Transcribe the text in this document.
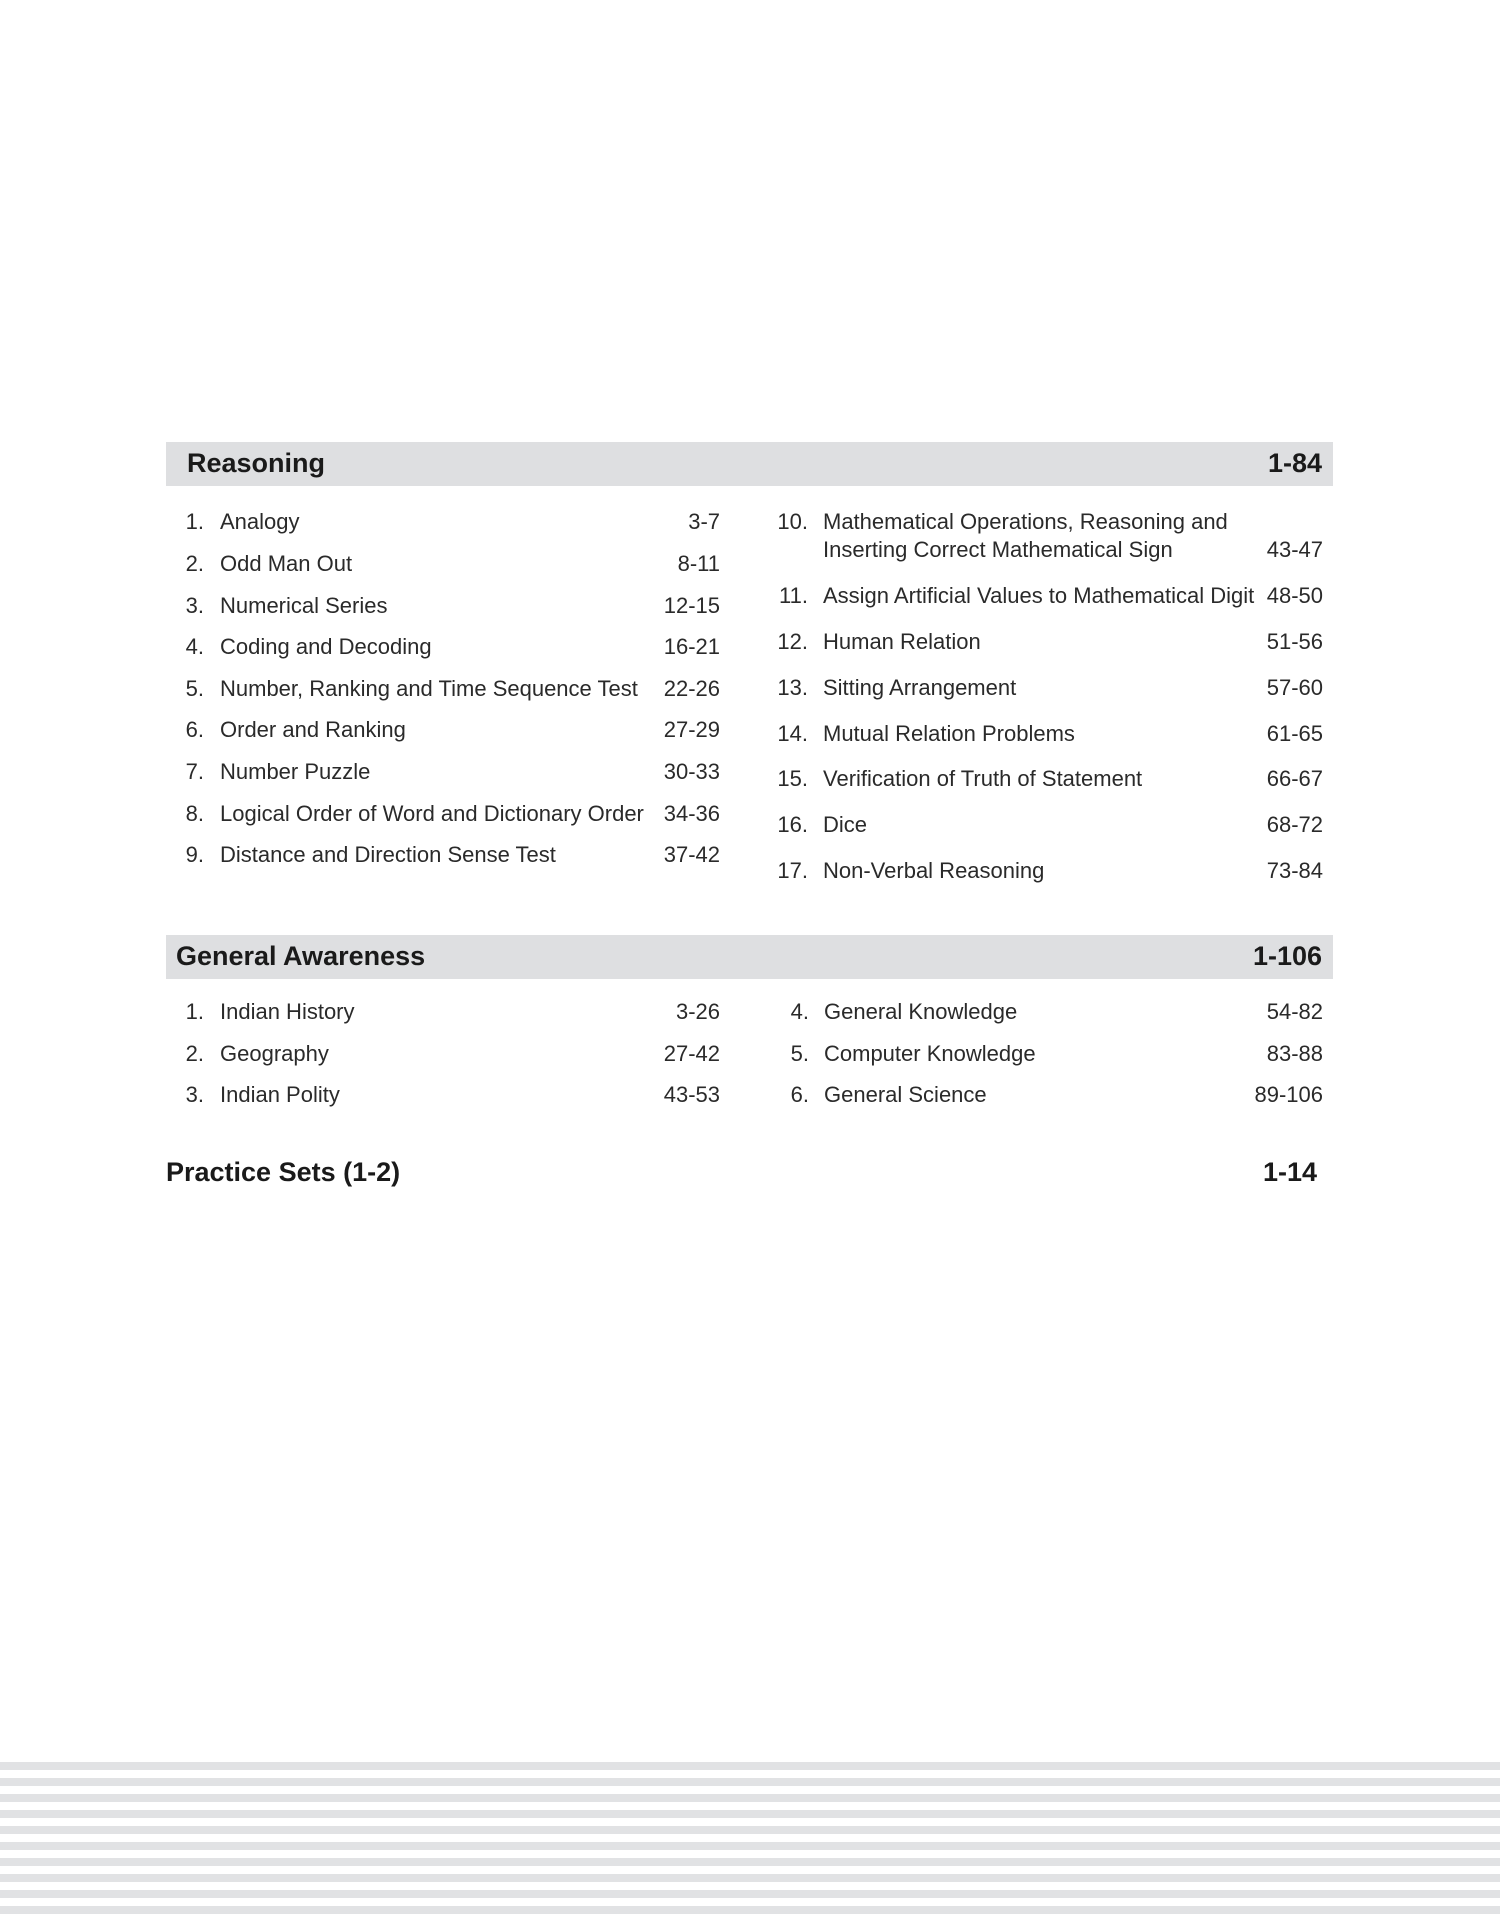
Reasoning	1-84
1. Analogy	3-7
2. Odd Man Out	8-11
3. Numerical Series	12-15
4. Coding and Decoding	16-21
5. Number, Ranking and Time Sequence Test	22-26
6. Order and Ranking	27-29
7. Number Puzzle	30-33
8. Logical Order of Word and Dictionary Order 34-36
9. Distance and Direction Sense Test	37-42
10. Mathematical Operations, Reasoning and
Inserting Correct Mathematical Sign	43-47
11. Assign Artificial Values to Mathematical Digit 48-50
12. Human Relation	51-56
13. Sitting Arrangement	57-60
14. Mutual Relation Problems	61-65
15. Verification of Truth of Statement	66-67
16. Dice	68-72
17. Non-Verbal Reasoning	73-84
General Awareness	1-106
1. Indian History	3-26
2. Geography	27-42
3. Indian Polity	43-53
4. General Knowledge	54-82
5. Computer Knowledge	83-88
6. General Science	89-106
Practice Sets (1-2)	1-14
